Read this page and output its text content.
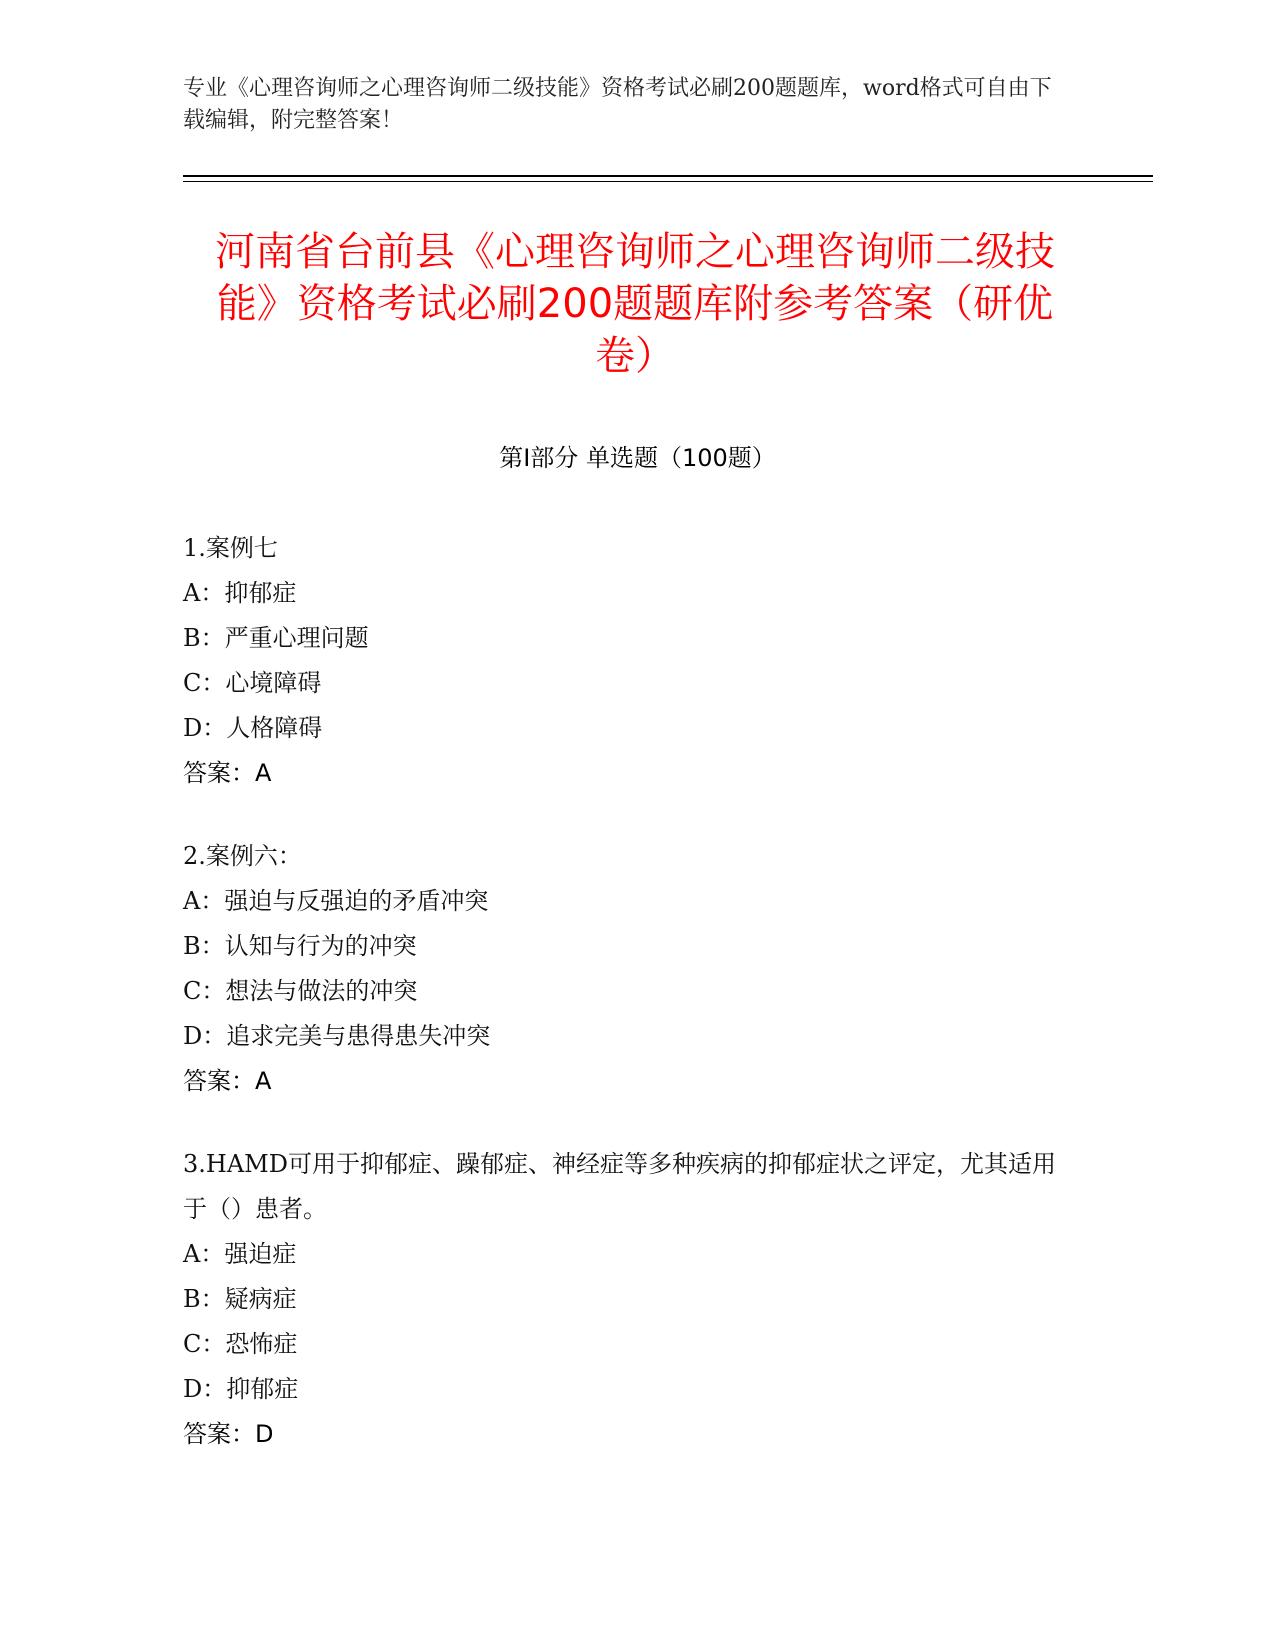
专业《心理咨询师之心理咨询师二级技能》资格考试必刷200题题库，word格式可自由下载编辑，附完整答案！
河南省台前县《心理咨询师之心理咨询师二级技能》资格考试必刷200题题库附参考答案（研优卷）
第Ⅰ部分 单选题（100题）
1.案例七
A：抑郁症
B：严重心理问题
C：心境障碍
D：人格障碍
答案：A
2.案例六：
A：强迫与反强迫的矛盾冲突
B：认知与行为的冲突
C：想法与做法的冲突
D：追求完美与患得患失冲突
答案：A
3.HAMD可用于抑郁症、躁郁症、神经症等多种疾病的抑郁症状之评定，尤其适用于（）患者。
A：强迫症
B：疑病症
C：恐怖症
D：抑郁症
答案：D
